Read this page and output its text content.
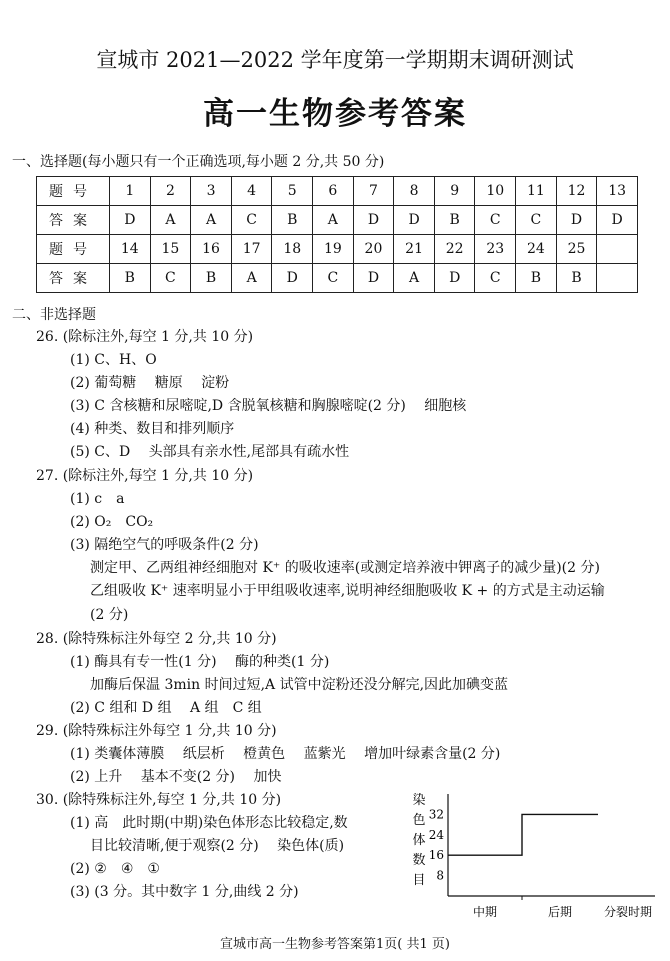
宣城市 2021—2022 学年度第一学期期末调研测试
高一生物参考答案
一、选择题(每小题只有一个正确选项,每小题 2 分,共 50 分)
题号	1	2	3	4	5	6	7	8	9	10	11	12	13
答案	D	A	A	C	B	A	D	D	B	C	C	D	D
题号	14	15	16	17	18	19	20	21	22	23	24	25	
答案	B	C	B	A	D	C	D	A	D	C	B	B	
二、非选择题
26. (除标注外,每空 1 分,共 10 分)
(1) C、H、O
(2) 葡萄糖　 糖原　 淀粉
(3) C 含核糖和尿嘧啶,D 含脱氧核糖和胸腺嘧啶(2 分)　 细胞核
(4) 种类、数目和排列顺序
(5) C、D　 头部具有亲水性,尾部具有疏水性
27. (除标注外,每空 1 分,共 10 分)
(1) c　a
(2) O₂　CO₂
(3) 隔绝空气的呼吸条件(2 分)
测定甲、乙两组神经细胞对 K⁺ 的吸收速率(或测定培养液中钾离子的减少量)(2 分)
乙组吸收 K⁺ 速率明显小于甲组吸收速率,说明神经细胞吸收 K + 的方式是主动运输
(2 分)
28. (除特殊标注外每空 2 分,共 10 分)
(1) 酶具有专一性(1 分)　 酶的种类(1 分)
加酶后保温 3min 时间过短,A 试管中淀粉还没分解完,因此加碘变蓝
(2) C 组和 D 组　 A 组　C 组
29. (除特殊标注外每空 1 分,共 10 分)
(1) 类囊体薄膜　 纸层析　 橙黄色　 蓝紫光　 增加叶绿素含量(2 分)
(2) 上升　 基本不变(2 分)　 加快
30. (除特殊标注外,每空 1 分,共 10 分)
(1) 高　此时期(中期)染色体形态比较稳定,数
目比较清晰,便于观察(2 分)　 染色体(质)
(2) ②　④　①
(3) (3 分。其中数字 1 分,曲线 2 分)
染
色
体
数
目 8
16
24
32
中期	后期	分裂时期
宣城市高一生物参考答案第1页( 共1 页)
